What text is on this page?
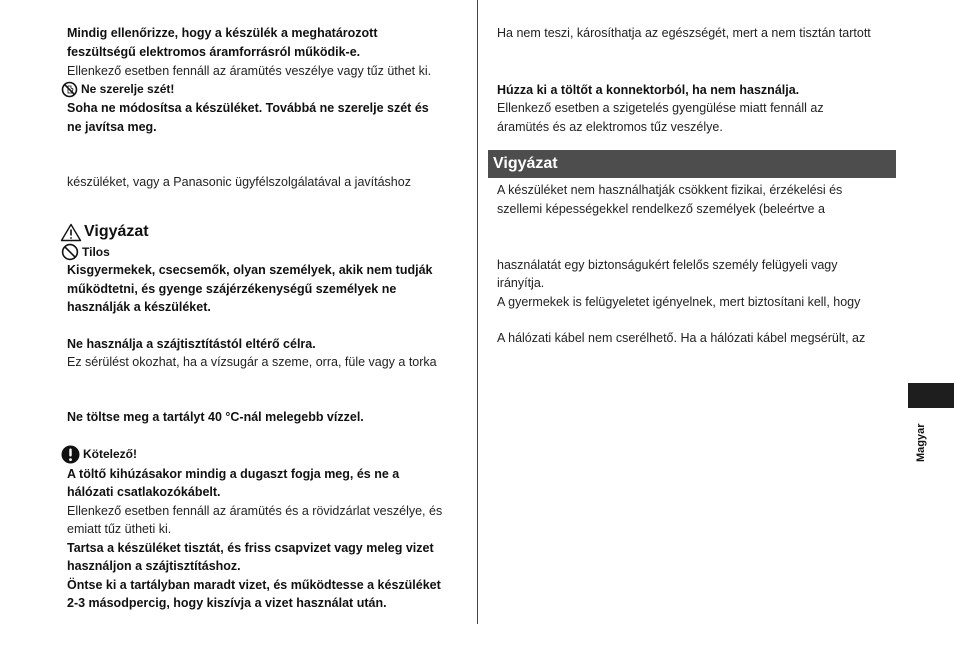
Mindig ellenőrizze, hogy a készülék a meghatározott

feszültségű elektromos áramforrásról működik-e.

Ellenkező esetben fennáll az áramütés veszélye vagy tűz üthet ki.

Ne szerelje szét!

Soha ne módosítsa a készüléket. Továbbá ne szerelje szét és

ne javítsa meg.

készüléket, vagy a Panasonic ügyfélszolgálatával a javításhoz

Vigyázat
Tilos

Kisgyermekek, csecsemők, olyan személyek, akik nem tudják

működtetni, és gyenge szájérzékenységű személyek ne

használják a készüléket.

Ne használja a szájtisztítástól eltérő célra.

Ez sérülést okozhat, ha a vízsugár a szeme, orra, füle vagy a torka

Ne töltse meg a tartályt 40 °C-nál melegebb vízzel.

Kötelező!

A töltő kihúzásakor mindig a dugaszt fogja meg, és ne a

hálózati csatlakozókábelt.

Ellenkező esetben fennáll az áramütés és a rövidzárlat veszélye, és

emiatt tűz ütheti ki.

Tartsa a készüléket tisztát, és friss csapvizet vagy meleg vizet

használjon a szájtisztításhoz.

Öntse ki a tartályban maradt vizet, és működtesse a készüléket

2-3 másodpercig, hogy kiszívja a vizet használat után.

Ha nem teszi, károsíthatja az egészségét, mert a nem tisztán tartott

Húzza ki a töltőt a konnektorból, ha nem használja.

Ellenkező esetben a szigetelés gyengülése miatt fennáll az

áramütés és az elektromos tűz veszélye.

Vigyázat

A készüléket nem használhatják csökkent fizikai, érzékelési és

szellemi képességekkel rendelkező személyek (beleértve a

használatát egy biztonságukért felelős személy felügyeli vagy

irányítja.

A gyermekek is felügyeletet igényelnek, mert biztosítani kell, hogy

A hálózati kábel nem cserélhető. Ha a hálózati kábel megsérült, az

Magyar
